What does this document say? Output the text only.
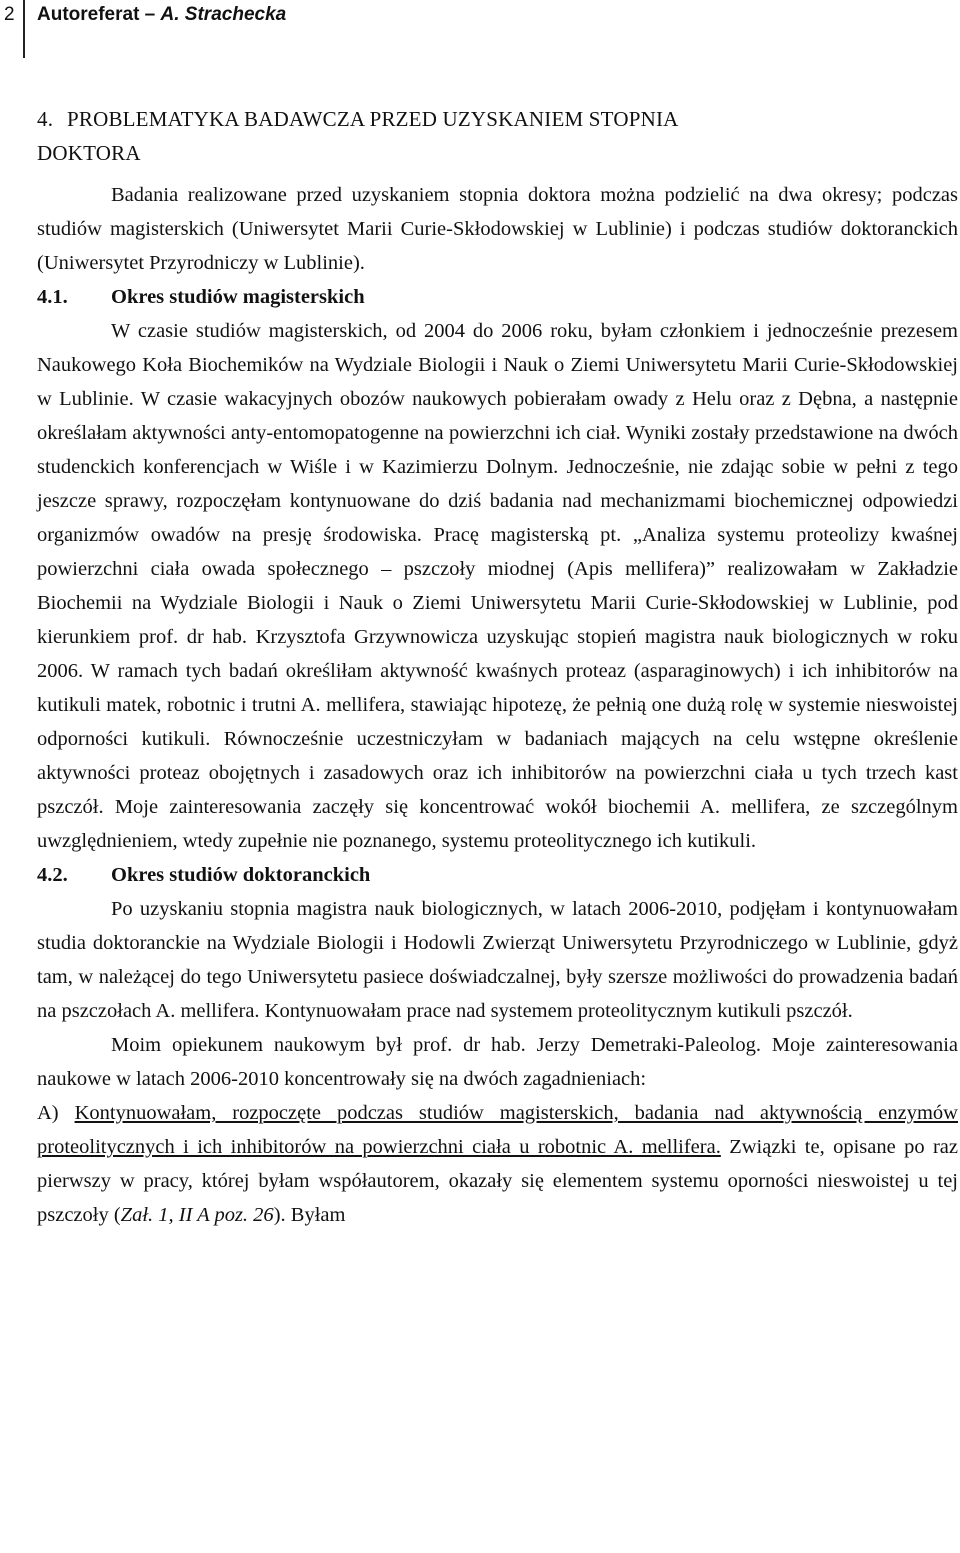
2 Autoreferat – A. Strachecka

4. PROBLEMATYKA BADAWCZA PRZED UZYSKANIEM STOPNIA

DOKTORA

Badania realizowane przed uzyskaniem stopnia doktora można podzielić na dwa okresy; podczas studiów magisterskich (Uniwersytet Marii Curie-Skłodowskiej w Lublinie) i podczas studiów doktoranckich (Uniwersytet Przyrodniczy w Lublinie).

4.1. Okres studiów magisterskich

W czasie studiów magisterskich, od 2004 do 2006 roku, byłam członkiem i jednocześnie prezesem Naukowego Koła Biochemików na Wydziale Biologii i Nauk o Ziemi Uniwersytetu Marii Curie-Skłodowskiej w Lublinie. W czasie wakacyjnych obozów naukowych pobierałam owady z Helu oraz z Dębna, a następnie określałam aktywności anty-entomopatogenne na powierzchni ich ciał. Wyniki zostały przedstawione na dwóch studenckich konferencjach w Wiśle i w Kazimierzu Dolnym. Jednocześnie, nie zdając sobie w pełni z tego jeszcze sprawy, rozpoczęłam kontynuowane do dziś badania nad mechanizmami biochemicznej odpowiedzi organizmów owadów na presję środowiska. Pracę magisterską pt. „Analiza systemu proteolizy kwaśnej powierzchni ciała owada społecznego – pszczoły miodnej (Apis mellifera)” realizowałam w Zakładzie Biochemii na Wydziale Biologii i Nauk o Ziemi Uniwersytetu Marii Curie-Skłodowskiej w Lublinie, pod kierunkiem prof. dr hab. Krzysztofa Grzywnowicza uzyskując stopień magistra nauk biologicznych w roku 2006. W ramach tych badań określiłam aktywność kwaśnych proteaz (asparaginowych) i ich inhibitorów na kutikuli matek, robotnic i trutni A. mellifera, stawiając hipotezę, że pełnią one dużą rolę w systemie nieswoistej odporności kutikuli. Równocześnie uczestniczyłam w badaniach mających na celu wstępne określenie aktywności proteaz obojętnych i zasadowych oraz ich inhibitorów na powierzchni ciała u tych trzech kast pszczół. Moje zainteresowania zaczęły się koncentrować wokół biochemii A. mellifera, ze szczególnym uwzględnieniem, wtedy zupełnie nie poznanego, systemu proteolitycznego ich kutikuli.

4.2. Okres studiów doktoranckich

Po uzyskaniu stopnia magistra nauk biologicznych, w latach 2006-2010, podjęłam i kontynuowałam studia doktoranckie na Wydziale Biologii i Hodowli Zwierząt Uniwersytetu Przyrodniczego w Lublinie, gdyż tam, w należącej do tego Uniwersytetu pasiece doświadczalnej, były szersze możliwości do prowadzenia badań na pszczołach A. mellifera. Kontynuowałam prace nad systemem proteolitycznym kutikuli pszczół.

Moim opiekunem naukowym był prof. dr hab. Jerzy Demetraki-Paleolog. Moje zainteresowania naukowe w latach 2006-2010 koncentrowały się na dwóch zagadnieniach:

A) Kontynuowałam, rozpoczęte podczas studiów magisterskich, badania nad aktywnością enzymów proteolitycznych i ich inhibitorów na powierzchni ciała u robotnic A. mellifera. Związki te, opisane po raz pierwszy w pracy, której byłam współautorem, okazały się elementem systemu oporności nieswoistej u tej pszczoły (Zał. 1, II A poz. 26). Byłam
